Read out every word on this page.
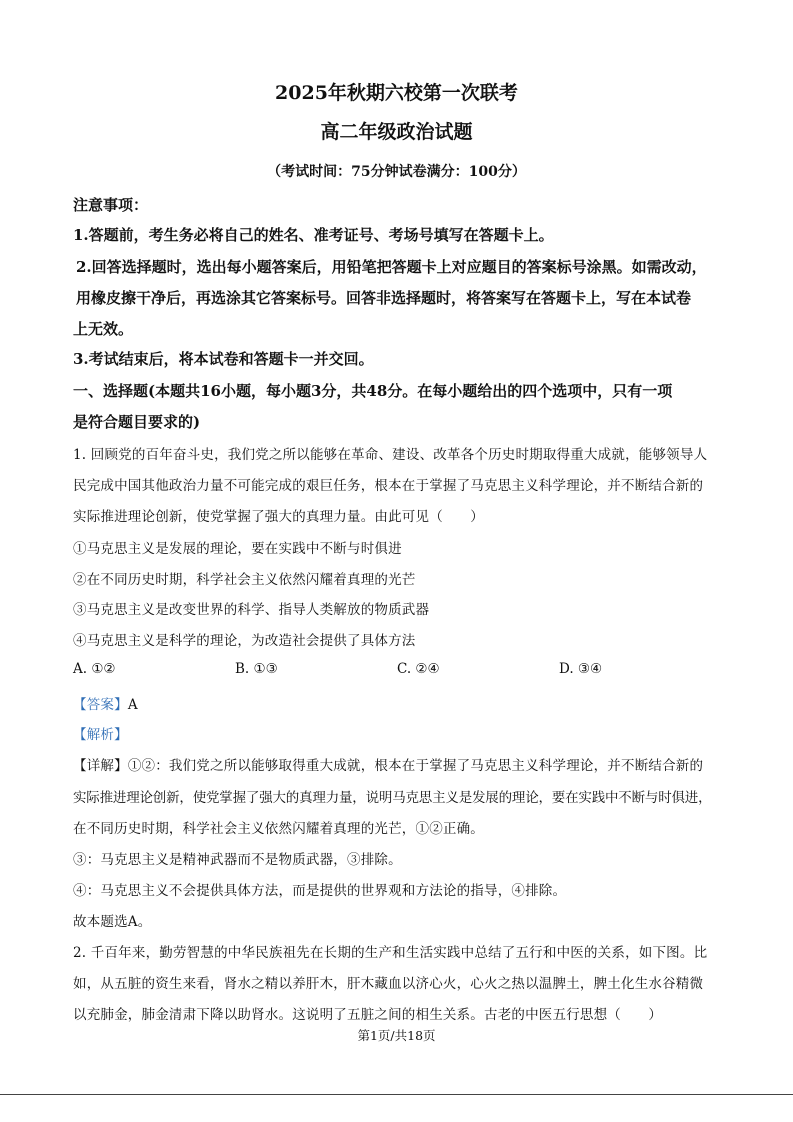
2025年秋期六校第一次联考
高二年级政治试题
（考试时间：75分钟试卷满分：100分）
注意事项：
1.答题前，考生务必将自己的姓名、准考证号、考场号填写在答题卡上。
2.回答选择题时，选出每小题答案后，用铅笔把答题卡上对应题目的答案标号涂黑。如需改动，
用橡皮擦干净后，再选涂其它答案标号。回答非选择题时，将答案写在答题卡上，写在本试卷
上无效。
3.考试结束后，将本试卷和答题卡一并交回。
一、选择题(本题共16小题，每小题3分，共48分。在每小题给出的四个选项中，只有一项
是符合题目要求的)
1. 回顾党的百年奋斗史，我们党之所以能够在革命、建设、改革各个历史时期取得重大成就，能够领导人
民完成中国其他政治力量不可能完成的艰巨任务，根本在于掌握了马克思主义科学理论，并不断结合新的
实际推进理论创新，使党掌握了强大的真理力量。由此可见（　　）
①马克思主义是发展的理论，要在实践中不断与时俱进
②在不同历史时期，科学社会主义依然闪耀着真理的光芒
③马克思主义是改变世界的科学、指导人类解放的物质武器
④马克思主义是科学的理论，为改造社会提供了具体方法
A. ①②	B. ①③	C. ②④	D. ③④
【答案】A
【解析】
【详解】①②：我们党之所以能够取得重大成就，根本在于掌握了马克思主义科学理论，并不断结合新的
实际推进理论创新，使党掌握了强大的真理力量，说明马克思主义是发展的理论，要在实践中不断与时俱进，
在不同历史时期，科学社会主义依然闪耀着真理的光芒，①②正确。
③：马克思主义是精神武器而不是物质武器，③排除。
④：马克思主义不会提供具体方法，而是提供的世界观和方法论的指导，④排除。
故本题选A。
2. 千百年来，勤劳智慧的中华民族祖先在长期的生产和生活实践中总结了五行和中医的关系，如下图。比
如，从五脏的资生来看，肾水之精以养肝木，肝木藏血以济心火，心火之热以温脾土，脾土化生水谷精微
以充肺金，肺金清肃下降以助肾水。这说明了五脏之间的相生关系。古老的中医五行思想（　　）
第1页/共18页
